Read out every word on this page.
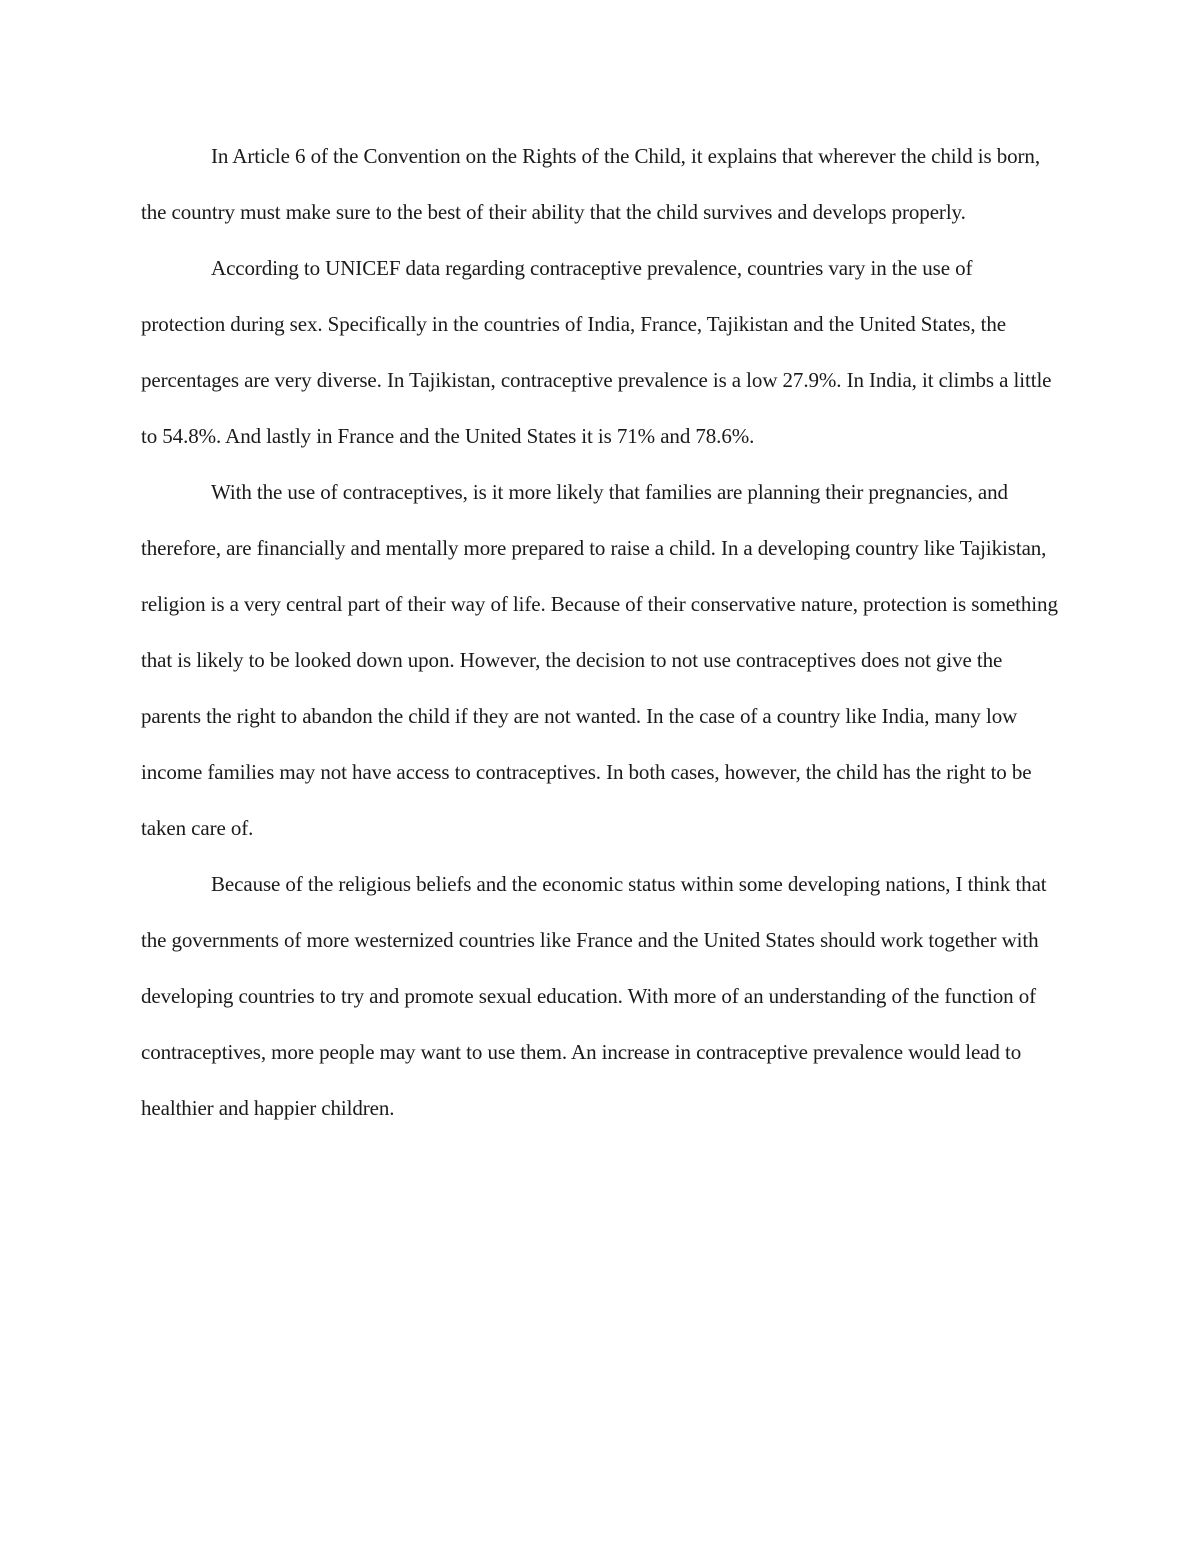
In Article 6 of the Convention on the Rights of the Child, it explains that wherever the child is born, the country must make sure to the best of their ability that the child survives and develops properly.

According to UNICEF data regarding contraceptive prevalence, countries vary in the use of protection during sex. Specifically in the countries of India, France, Tajikistan and the United States, the percentages are very diverse. In Tajikistan, contraceptive prevalence is a low 27.9%. In India, it climbs a little to 54.8%. And lastly in France and the United States it is 71% and 78.6%.

With the use of contraceptives, is it more likely that families are planning their pregnancies, and therefore, are financially and mentally more prepared to raise a child. In a developing country like Tajikistan, religion is a very central part of their way of life. Because of their conservative nature, protection is something that is likely to be looked down upon. However, the decision to not use contraceptives does not give the parents the right to abandon the child if they are not wanted. In the case of a country like India, many low income families may not have access to contraceptives. In both cases, however, the child has the right to be taken care of.

Because of the religious beliefs and the economic status within some developing nations, I think that the governments of more westernized countries like France and the United States should work together with developing countries to try and promote sexual education. With more of an understanding of the function of contraceptives, more people may want to use them. An increase in contraceptive prevalence would lead to healthier and happier children.
